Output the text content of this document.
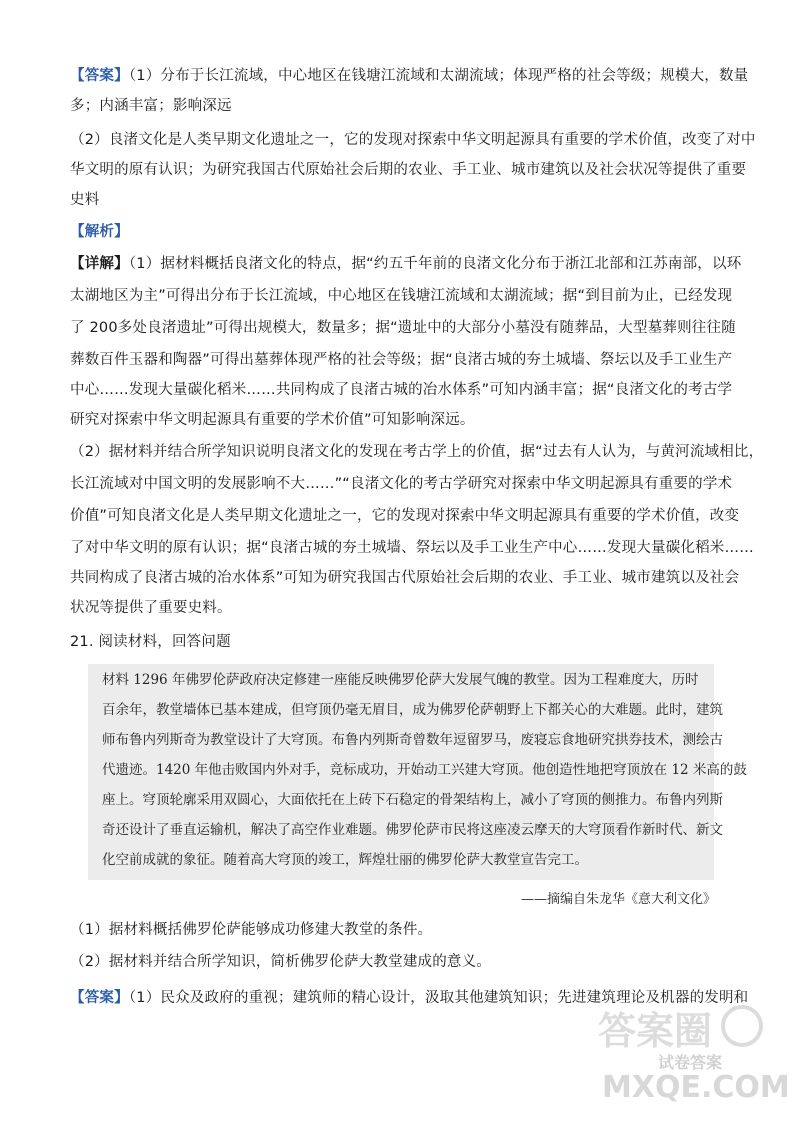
【答案】（1）分布于长江流域，中心地区在钱塘江流域和太湖流域；体现严格的社会等级；规模大，数量
多；内涵丰富；影响深远
（2）良渚文化是人类早期文化遗址之一，它的发现对探索中华文明起源具有重要的学术价值，改变了对中
华文明的原有认识；为研究我国古代原始社会后期的农业、手工业、城市建筑以及社会状况等提供了重要
史料
【解析】
【详解】（1）据材料概括良渚文化的特点，据“约五千年前的良渚文化分布于浙江北部和江苏南部，以环
太湖地区为主”可得出分布于长江流域，中心地区在钱塘江流域和太湖流域；据“到目前为止，已经发现
了 200多处良渚遗址”可得出规模大，数量多；据“遗址中的大部分小墓没有随葬品，大型墓葬则往往随
葬数百件玉器和陶器”可得出墓葬体现严格的社会等级；据“良渚古城的夯土城墙、祭坛以及手工业生产
中心……发现大量碳化稻米……共同构成了良渚古城的冶水体系”可知内涵丰富；据“良渚文化的考古学
研究对探索中华文明起源具有重要的学术价值”可知影响深远。
（2）据材料并结合所学知识说明良渚文化的发现在考古学上的价值，据“过去有人认为，与黄河流域相比，
长江流域对中国文明的发展影响不大……”“良渚文化的考古学研究对探索中华文明起源具有重要的学术
价值”可知良渚文化是人类早期文化遗址之一，它的发现对探索中华文明起源具有重要的学术价值，改变
了对中华文明的原有认识；据“良渚古城的夯土城墙、祭坛以及手工业生产中心……发现大量碳化稻米……
共同构成了良渚古城的冶水体系”可知为研究我国古代原始社会后期的农业、手工业、城市建筑以及社会
状况等提供了重要史料。
21. 阅读材料，回答问题
材料 1296 年佛罗伦萨政府决定修建一座能反映佛罗伦萨大发展气魄的教堂。因为工程难度大，历时
百余年，教堂墙体已基本建成，但穹顶仍毫无眉目，成为佛罗伦萨朝野上下都关心的大难题。此时，建筑
师布鲁内列斯奇为教堂设计了大穹顶。布鲁内列斯奇曾数年逗留罗马，废寝忘食地研究拱券技术，测绘古
代遗迹。1420 年他击败国内外对手，竞标成功，开始动工兴建大穹顶。他创造性地把穹顶放在 12 米高的鼓
座上。穹顶轮廓采用双圆心，大面依托在上砖下石稳定的骨架结构上，减小了穹顶的侧推力。布鲁内列斯
奇还设计了垂直运输机，解决了高空作业难题。佛罗伦萨市民将这座凌云摩天的大穹顶看作新时代、新文
化空前成就的象征。随着高大穹顶的竣工，辉煌壮丽的佛罗伦萨大教堂宣告完工。
——摘编自朱龙华《意大利文化》
（1）据材料概括佛罗伦萨能够成功修建大教堂的条件。
（2）据材料并结合所学知识，简析佛罗伦萨大教堂建成的意义。
【答案】（1）民众及政府的重视；建筑师的精心设计，汲取其他建筑知识；先进建筑理论及机器的发明和
答案圈
试卷答案
MXQE.COM
